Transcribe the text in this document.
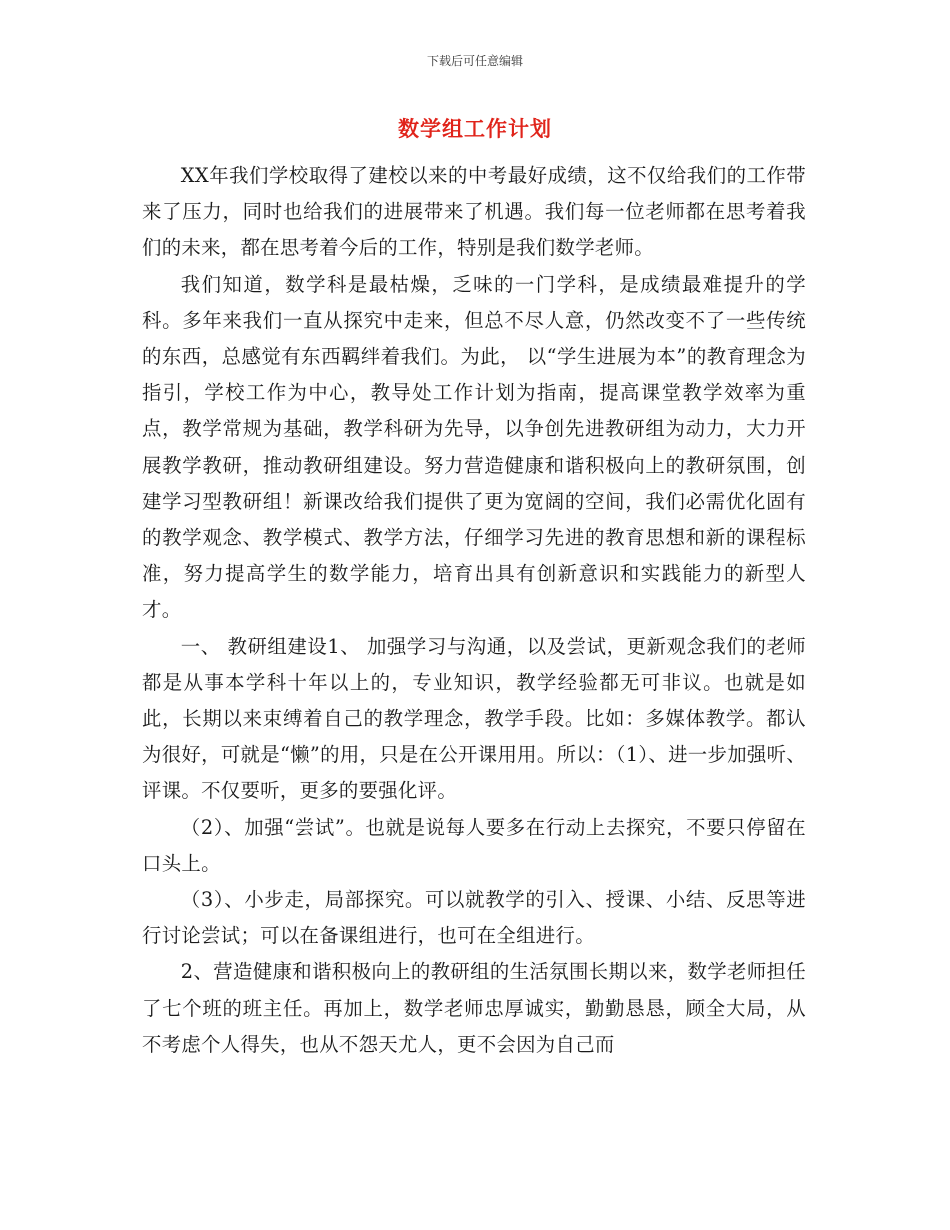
下载后可任意编辑
数学组工作计划

XX年我们学校取得了建校以来的中考最好成绩，这不仅给我们的工作带来了压力，同时也给我们的进展带来了机遇。我们每一位老师都在思考着我们的未来，都在思考着今后的工作，特别是我们数学老师。

我们知道，数学科是最枯燥，乏味的一门学科，是成绩最难提升的学科。多年来我们一直从探究中走来，但总不尽人意，仍然改变不了一些传统的东西，总感觉有东西羁绊着我们。为此， 以“学生进展为本”的教育理念为指引，学校工作为中心，教导处工作计划为指南，提高课堂教学效率为重点，教学常规为基础，教学科研为先导，以争创先进教研组为动力，大力开展教学教研，推动教研组建设。努力营造健康和谐积极向上的教研氛围，创建学习型教研组！新课改给我们提供了更为宽阔的空间，我们必需优化固有的教学观念、教学模式、教学方法，仔细学习先进的教育思想和新的课程标准，努力提高学生的数学能力，培育出具有创新意识和实践能力的新型人才。

一、 教研组建设1、 加强学习与沟通，以及尝试，更新观念我们的老师都是从事本学科十年以上的，专业知识，教学经验都无可非议。也就是如此，长期以来束缚着自己的教学理念，教学手段。比如：多媒体教学。都认为很好，可就是“懒”的用，只是在公开课用用。所以：（1）、进一步加强听、评课。不仅要听，更多的要强化评。

（2）、加强“尝试”。也就是说每人要多在行动上去探究，不要只停留在口头上。

（3）、小步走，局部探究。可以就教学的引入、授课、小结、反思等进行讨论尝试；可以在备课组进行，也可在全组进行。

2、营造健康和谐积极向上的教研组的生活氛围长期以来，数学老师担任了七个班的班主任。再加上，数学老师忠厚诚实，勤勤恳恳，顾全大局，从不考虑个人得失，也从不怨天尤人，更不会因为自己而
